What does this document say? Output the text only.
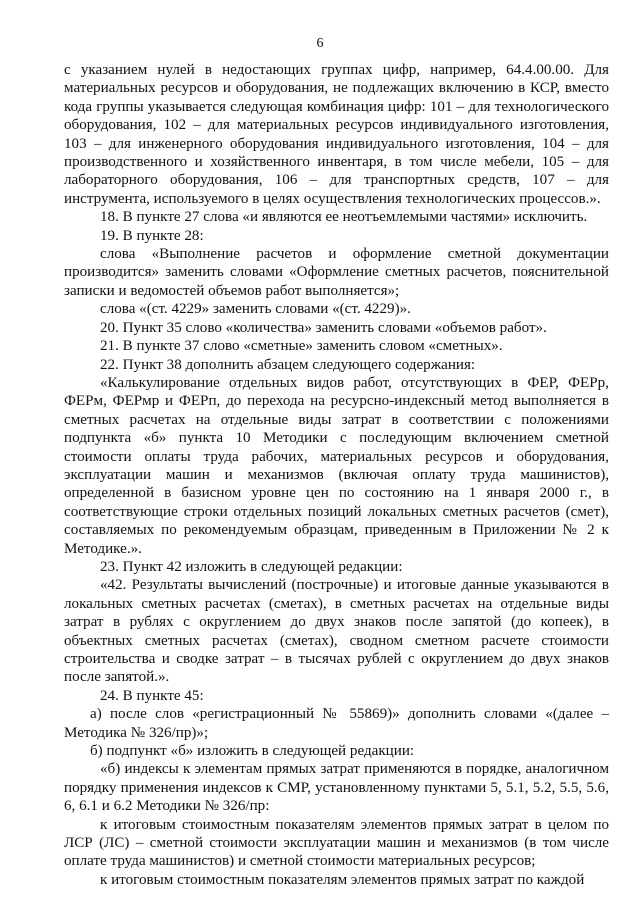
6

с указанием нулей в недостающих группах цифр, например, 64.4.00.00. Для материальных ресурсов и оборудования, не подлежащих включению в КСР, вместо кода группы указывается следующая комбинация цифр: 101 – для технологического оборудования, 102 – для материальных ресурсов индивидуального изготовления, 103 – для инженерного оборудования индивидуального изготовления, 104 – для производственного и хозяйственного инвентаря, в том числе мебели, 105 – для лабораторного оборудования, 106 – для транспортных средств, 107 – для инструмента, используемого в целях осуществления технологических процессов.».

18. В пункте 27 слова «и являются ее неотъемлемыми частями» исключить.

19. В пункте 28:

слова «Выполнение расчетов и оформление сметной документации производится» заменить словами «Оформление сметных расчетов, пояснительной записки и ведомостей объемов работ выполняется»;

слова «(ст. 4229» заменить словами «(ст. 4229)».

20. Пункт 35 слово «количества» заменить словами «объемов работ».

21. В пункте 37 слово «сметные» заменить словом «сметных».

22. Пункт 38 дополнить абзацем следующего содержания:

«Калькулирование отдельных видов работ, отсутствующих в ФЕР, ФЕРр, ФЕРм, ФЕРмр и ФЕРп, до перехода на ресурсно-индексный метод выполняется в сметных расчетах на отдельные виды затрат в соответствии с положениями подпункта «б» пункта 10 Методики с последующим включением сметной стоимости оплаты труда рабочих, материальных ресурсов и оборудования, эксплуатации машин и механизмов (включая оплату труда машинистов), определенной в базисном уровне цен по состоянию на 1 января 2000 г., в соответствующие строки отдельных позиций локальных сметных расчетов (смет), составляемых по рекомендуемым образцам, приведенным в Приложении № 2 к Методике.».

23. Пункт 42 изложить в следующей редакции:

«42. Результаты вычислений (построчные) и итоговые данные указываются в локальных сметных расчетах (сметах), в сметных расчетах на отдельные виды затрат в рублях с округлением до двух знаков после запятой (до копеек), в объектных сметных расчетах (сметах), сводном сметном расчете стоимости строительства и сводке затрат – в тысячах рублей с округлением до двух знаков после запятой.».

24. В пункте 45:

а) после слов «регистрационный № 55869)» дополнить словами «(далее – Методика № 326/пр)»;

б) подпункт «б» изложить в следующей редакции:

«б) индексы к элементам прямых затрат применяются в порядке, аналогичном порядку применения индексов к СМР, установленному пунктами 5, 5.1, 5.2, 5.5, 5.6, 6, 6.1 и 6.2 Методики № 326/пр:

к итоговым стоимостным показателям элементов прямых затрат в целом по ЛСР (ЛС) – сметной стоимости эксплуатации машин и механизмов (в том числе оплате труда машинистов) и сметной стоимости материальных ресурсов;

к итоговым стоимостным показателям элементов прямых затрат по каждой
